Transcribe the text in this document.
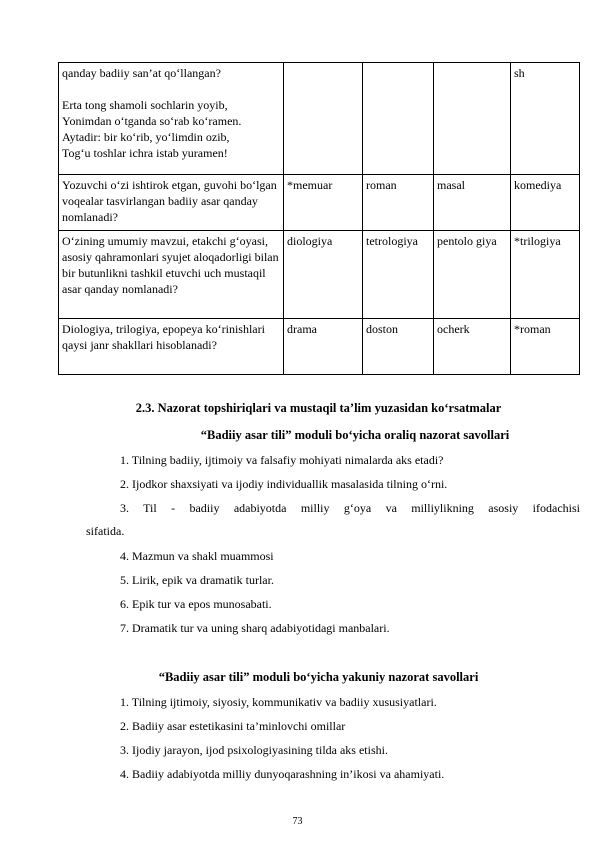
qanday badiiy san’at qo‘llangan?

Erta tong shamoli sochlarin yoyib,
Yonimdan o‘tganda so‘rab ko‘ramen.
Aytadir: bir ko‘rib, yo‘limdin ozib,
Tog‘u toshlar ichra istab yuramen!				sh
Yozuvchi o‘zi ishtirok etgan, guvohi bo‘lgan voqealar tasvirlangan badiiy asar qanday nomlanadi?	*memuar	roman	masal	komediya
O‘zining umumiy mavzui, etakchi g‘oyasi, asosiy qahramonlari syujet aloqadorligi bilan bir butunlikni tashkil etuvchi uch mustaqil asar qanday nomlanadi?	diologiya	tetrologiya	pentolo giya	*trilogiya
Diologiya, trilogiya, epopeya ko‘rinishlari qaysi janr shakllari hisoblanadi?	drama	doston	ocherk	*roman
2.3. Nazorat topshiriqlari va mustaqil ta’lim yuzasidan ko‘rsatmalar
“Badiiy asar tili” moduli bo‘yicha oraliq nazorat savollari
1. Tilning badiiy, ijtimoiy va falsafiy mohiyati nimalarda aks etadi?
2. Ijodkor shaxsiyati va ijodiy individuallik masalasida tilning o‘rni.
3. Til - badiiy adabiyotda milliy g‘oya va milliylikning asosiy ifodachisi
sifatida.
4. Mazmun va shakl muammosi
5. Lirik, epik va dramatik turlar.
6. Epik tur va epos munosabati.
7. Dramatik tur va uning sharq adabiyotidagi manbalari.
“Badiiy asar tili” moduli bo‘yicha yakuniy nazorat savollari
1. Tilning ijtimoiy, siyosiy, kommunikativ va badiiy xususiyatlari.
2. Badiiy asar estetikasini ta’minlovchi omillar
3. Ijodiy jarayon, ijod psixologiyasining tilda aks etishi.
4. Badiiy adabiyotda milliy dunyoqarashning in’ikosi va ahamiyati.
73
